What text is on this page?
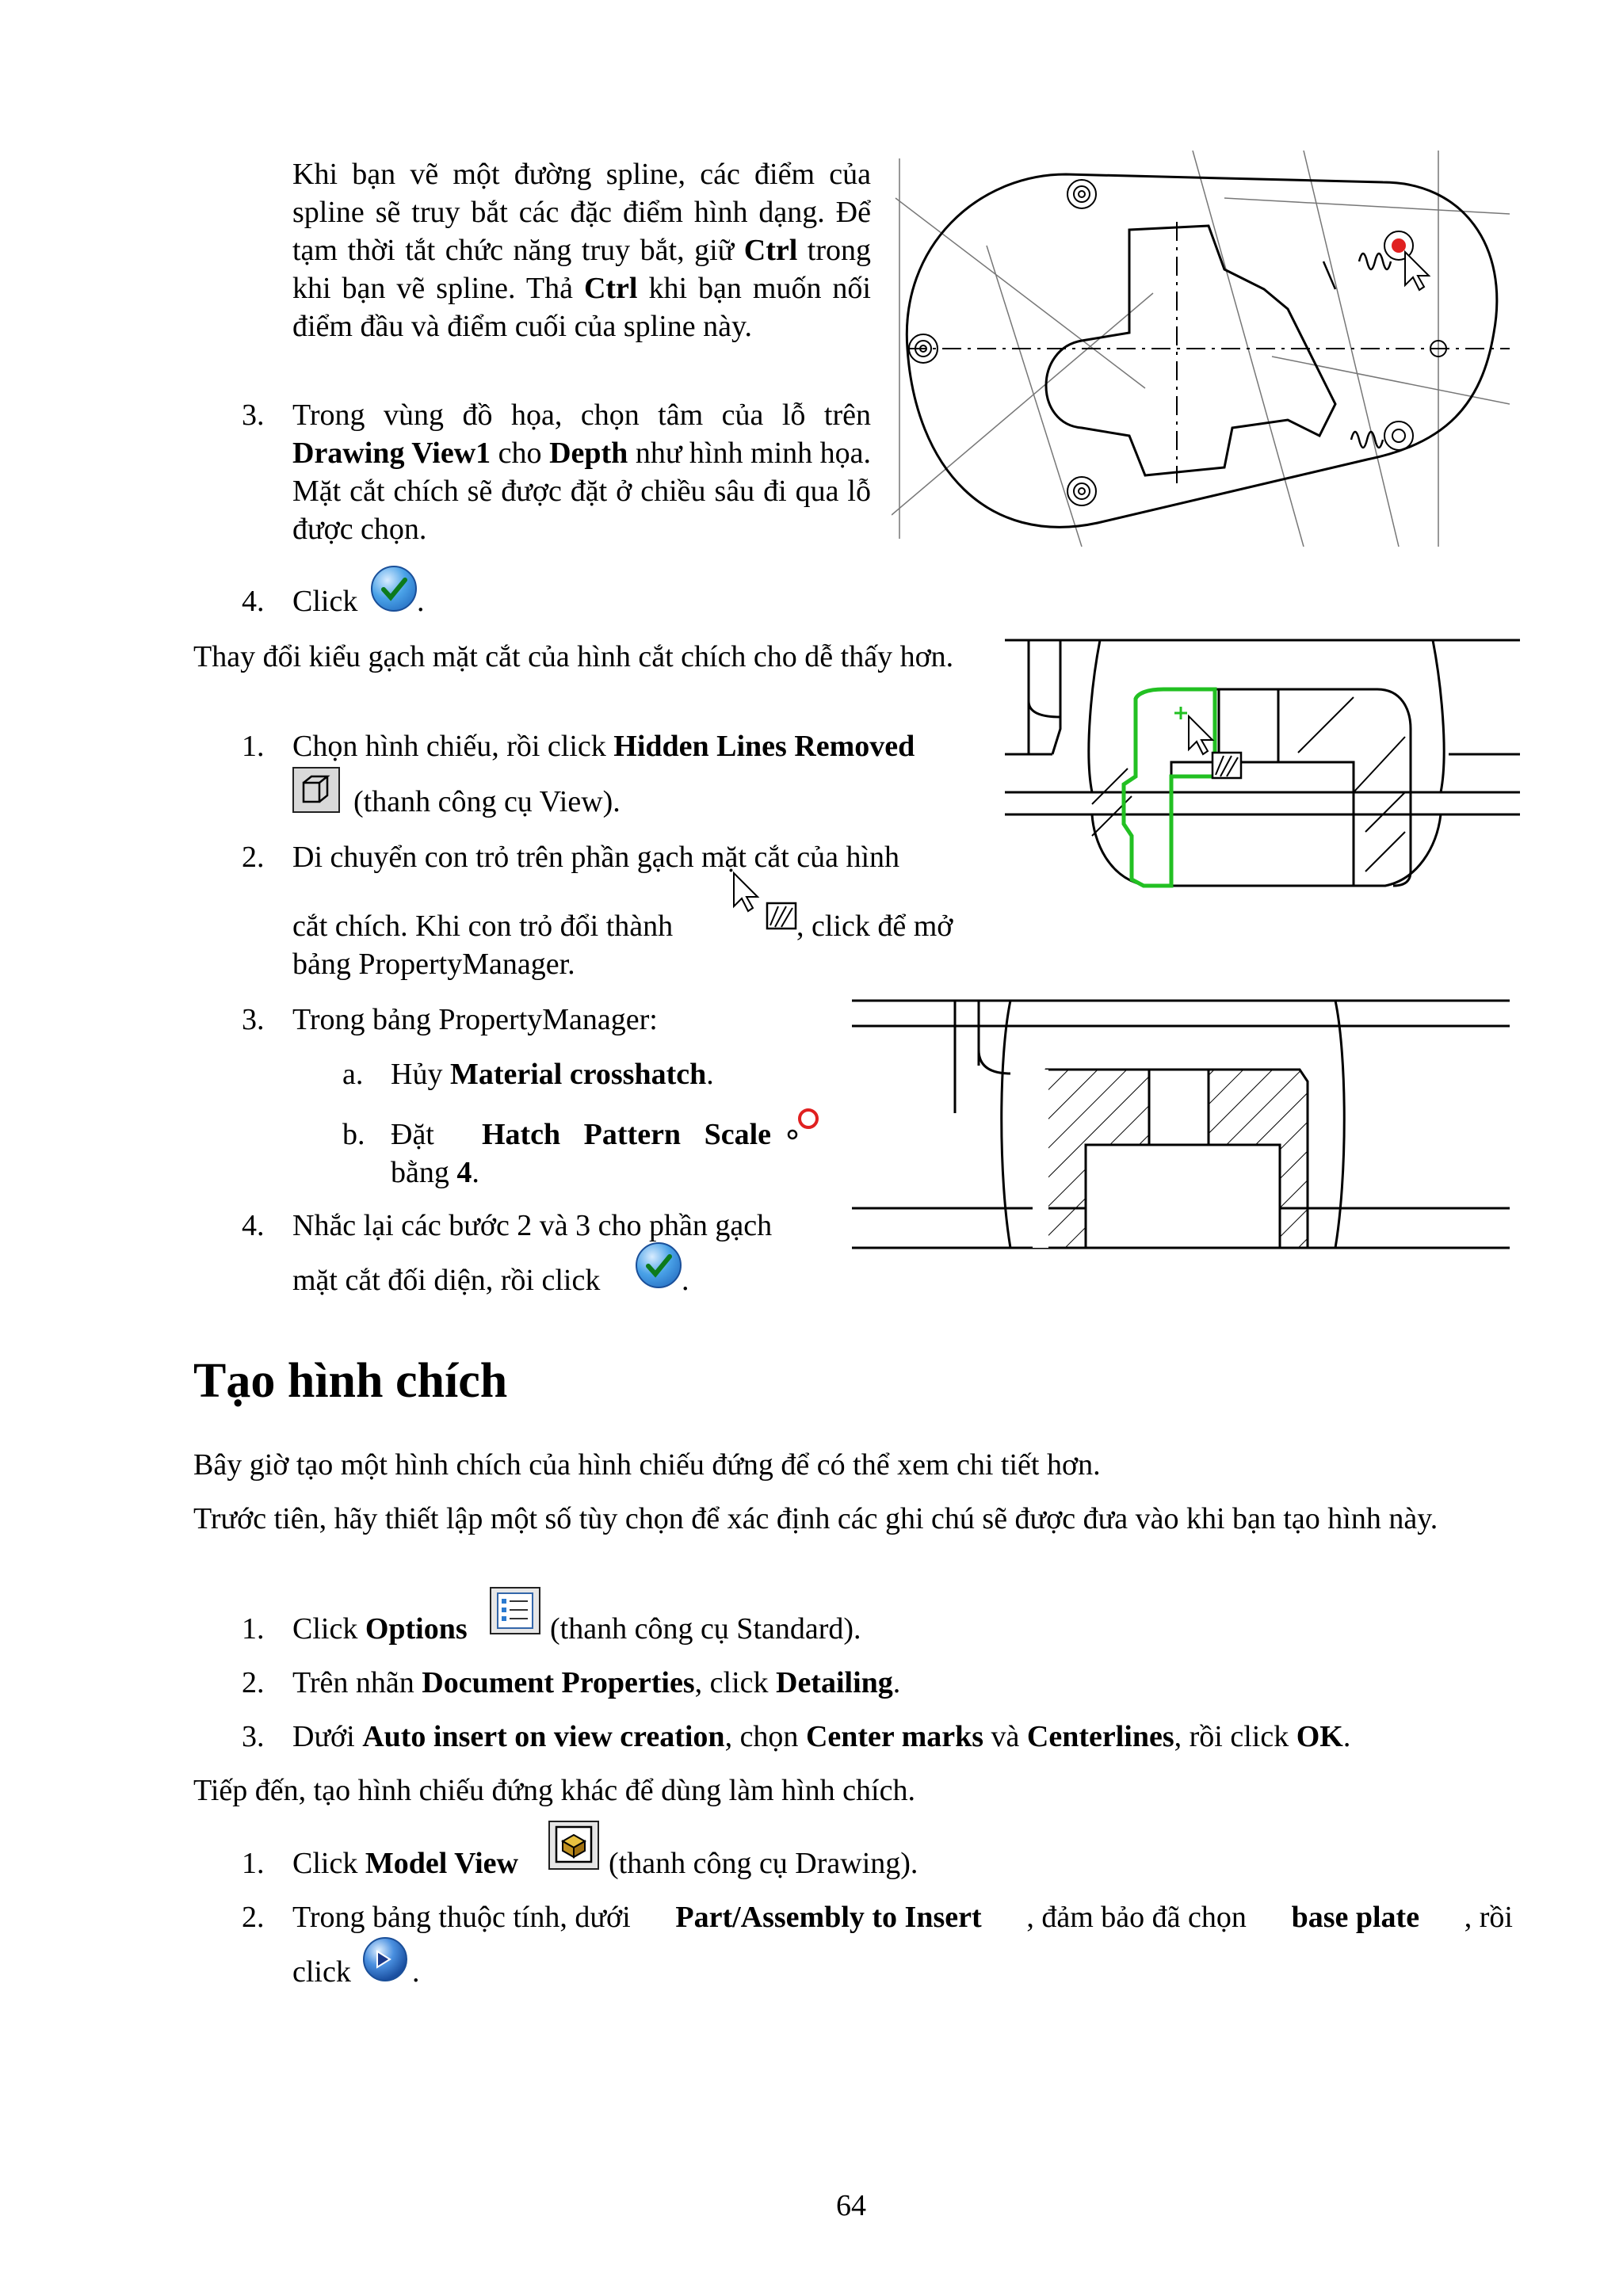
Khi bạn vẽ một đường spline, các điểm của spline sẽ truy bắt các đặc điểm hình dạng. Để tạm thời tắt chức năng truy bắt, giữ Ctrl trong khi bạn vẽ spline. Thả Ctrl khi bạn muốn nối điểm đầu và điểm cuối của spline này.
3. Trong vùng đồ họa, chọn tâm của lỗ trên Drawing View1 cho Depth như hình minh họa. Mặt cắt chích sẽ được đặt ở chiều sâu đi qua lỗ được chọn.
4. Click .
Thay đổi kiểu gạch mặt cắt của hình cắt chích cho dễ thấy hơn.
1. Chọn hình chiếu, rồi click Hidden Lines Removed
(thanh công cụ View).
2. Di chuyển con trỏ trên phần gạch mặt cắt của hình
cắt chích. Khi con trỏ đổi thành	, click để mở
bảng PropertyManager.
3. Trong bảng PropertyManager:
a. Hủy Material crosshatch.
b. Đặt Hatch Pattern Scale
bằng 4.
4. Nhắc lại các bước 2 và 3 cho phần gạch
mặt cắt đối diện, rồi click	.
Tạo hình chích
Bây giờ tạo một hình chích của hình chiếu đứng để có thể xem chi tiết hơn.
Trước tiên, hãy thiết lập một số tùy chọn để xác định các ghi chú sẽ được đưa vào khi bạn tạo hình này.
1. Click Options	(thanh công cụ Standard).
2. Trên nhãn Document Properties, click Detailing.
3. Dưới Auto insert on view creation, chọn Center marks và Centerlines, rồi click OK.
Tiếp đến, tạo hình chiếu đứng khác để dùng làm hình chích.
1. Click Model View	(thanh công cụ Drawing).
2. Trong bảng thuộc tính, dưới Part/Assembly to Insert , đảm bảo đã chọn base plate , rồi
click .
64
